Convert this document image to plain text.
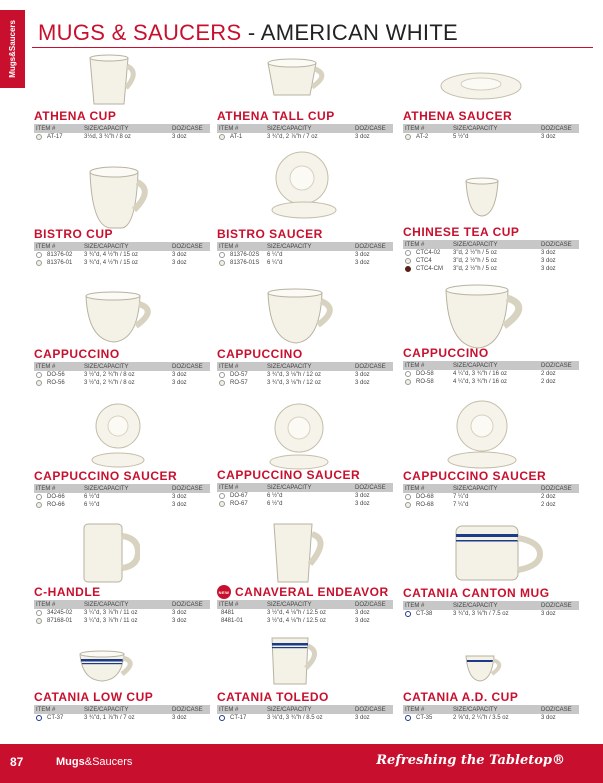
Mugs&Saucers MUGS & SAUCERS - AMERICAN WHITE
ATHENA CUP
ITEM #	SIZE/CAPACITY	DOZ/CASE
AT-17	3½d, 3 ¾"h / 8 oz	3 doz
ATHENA TALL CUP
ITEM #	SIZE/CAPACITY	DOZ/CASE
AT-1	3 ¾"d, 2 ⅞"h / 7 oz	3 doz
ATHENA SAUCER
ITEM #	SIZE/CAPACITY	DOZ/CASE
AT-2	5 ½"d	3 doz
BISTRO CUP
ITEM #	SIZE/CAPACITY	DOZ/CASE
81376-02	3 ¾"d, 4 ½"h / 15 oz	3 doz
81376-01	3 ¾"d, 4 ½"h / 15 oz	3 doz
BISTRO SAUCER
ITEM #	SIZE/CAPACITY	DOZ/CASE
81376-02S	6 ¼"d	3 doz
81376-01S	6 ¼"d	3 doz
CHINESE TEA CUP
ITEM #	SIZE/CAPACITY	DOZ/CASE
CTC4-02	3"d, 2 ½"h / 5 oz	3 doz
CTC4	3"d, 2 ½"h / 5 oz	3 doz
CTC4-CM	3"d, 2 ½"h / 5 oz	3 doz
CAPPUCCINO
ITEM #	SIZE/CAPACITY	DOZ/CASE
DO-56	3 ½"d, 2 ¾"h / 8 oz	3 doz
RO-56	3 ½"d, 2 ¾"h / 8 oz	3 doz
CAPPUCCINO
ITEM #	SIZE/CAPACITY	DOZ/CASE
DO-57	3 ¾"d, 3 ⅛"h / 12 oz	3 doz
RO-57	3 ¾"d, 3 ⅛"h / 12 oz	3 doz
CAPPUCCINO
ITEM #	SIZE/CAPACITY	DOZ/CASE
DO-58	4 ¼"d, 3 ¾"h / 16 oz	2 doz
RO-58	4 ¼"d, 3 ¾"h / 16 oz	2 doz
CAPPUCCINO SAUCER
ITEM #	SIZE/CAPACITY	DOZ/CASE
DO-66	6 ½"d	3 doz
RO-66	6 ½"d	3 doz
CAPPUCCINO SAUCER
ITEM #	SIZE/CAPACITY	DOZ/CASE
DO-67	6 ½"d	3 doz
RO-67	6 ½"d	3 doz
CAPPUCCINO SAUCER
ITEM #	SIZE/CAPACITY	DOZ/CASE
DO-68	7 ¼"d	2 doz
RO-68	7 ¼"d	2 doz
C-HANDLE
ITEM #	SIZE/CAPACITY	DOZ/CASE
34245-02	3 ¼"d, 3 ⅞"h / 11 oz	3 doz
87168-01	3 ¼"d, 3 ⅞"h / 11 oz	3 doz
NEW CANAVERAL ENDEAVOR
ITEM #	SIZE/CAPACITY	DOZ/CASE
8481	3 ½"d, 4 ⅛"h / 12.5 oz	3 doz
8481-01	3 ½"d, 4 ⅛"h / 12.5 oz	3 doz
CATANIA CANTON MUG
ITEM #	SIZE/CAPACITY	DOZ/CASE
CT-38	3 ¾"d, 3 ⅝"h / 7.5 oz	3 doz
CATANIA LOW CUP
ITEM #	SIZE/CAPACITY	DOZ/CASE
CT-37	3 ¾"d, 1 ⅞"h / 7 oz	3 doz
CATANIA TOLEDO
ITEM #	SIZE/CAPACITY	DOZ/CASE
CT-17	3 ⅛"d, 3 ¾"h / 8.5 oz	3 doz
CATANIA A.D. CUP
ITEM #	SIZE/CAPACITY	DOZ/CASE
CT-35	2 ⅝"d, 2 ¼"h / 3.5 oz	3 doz
87	Mugs&Saucers	Refreshing the Tabletop®
